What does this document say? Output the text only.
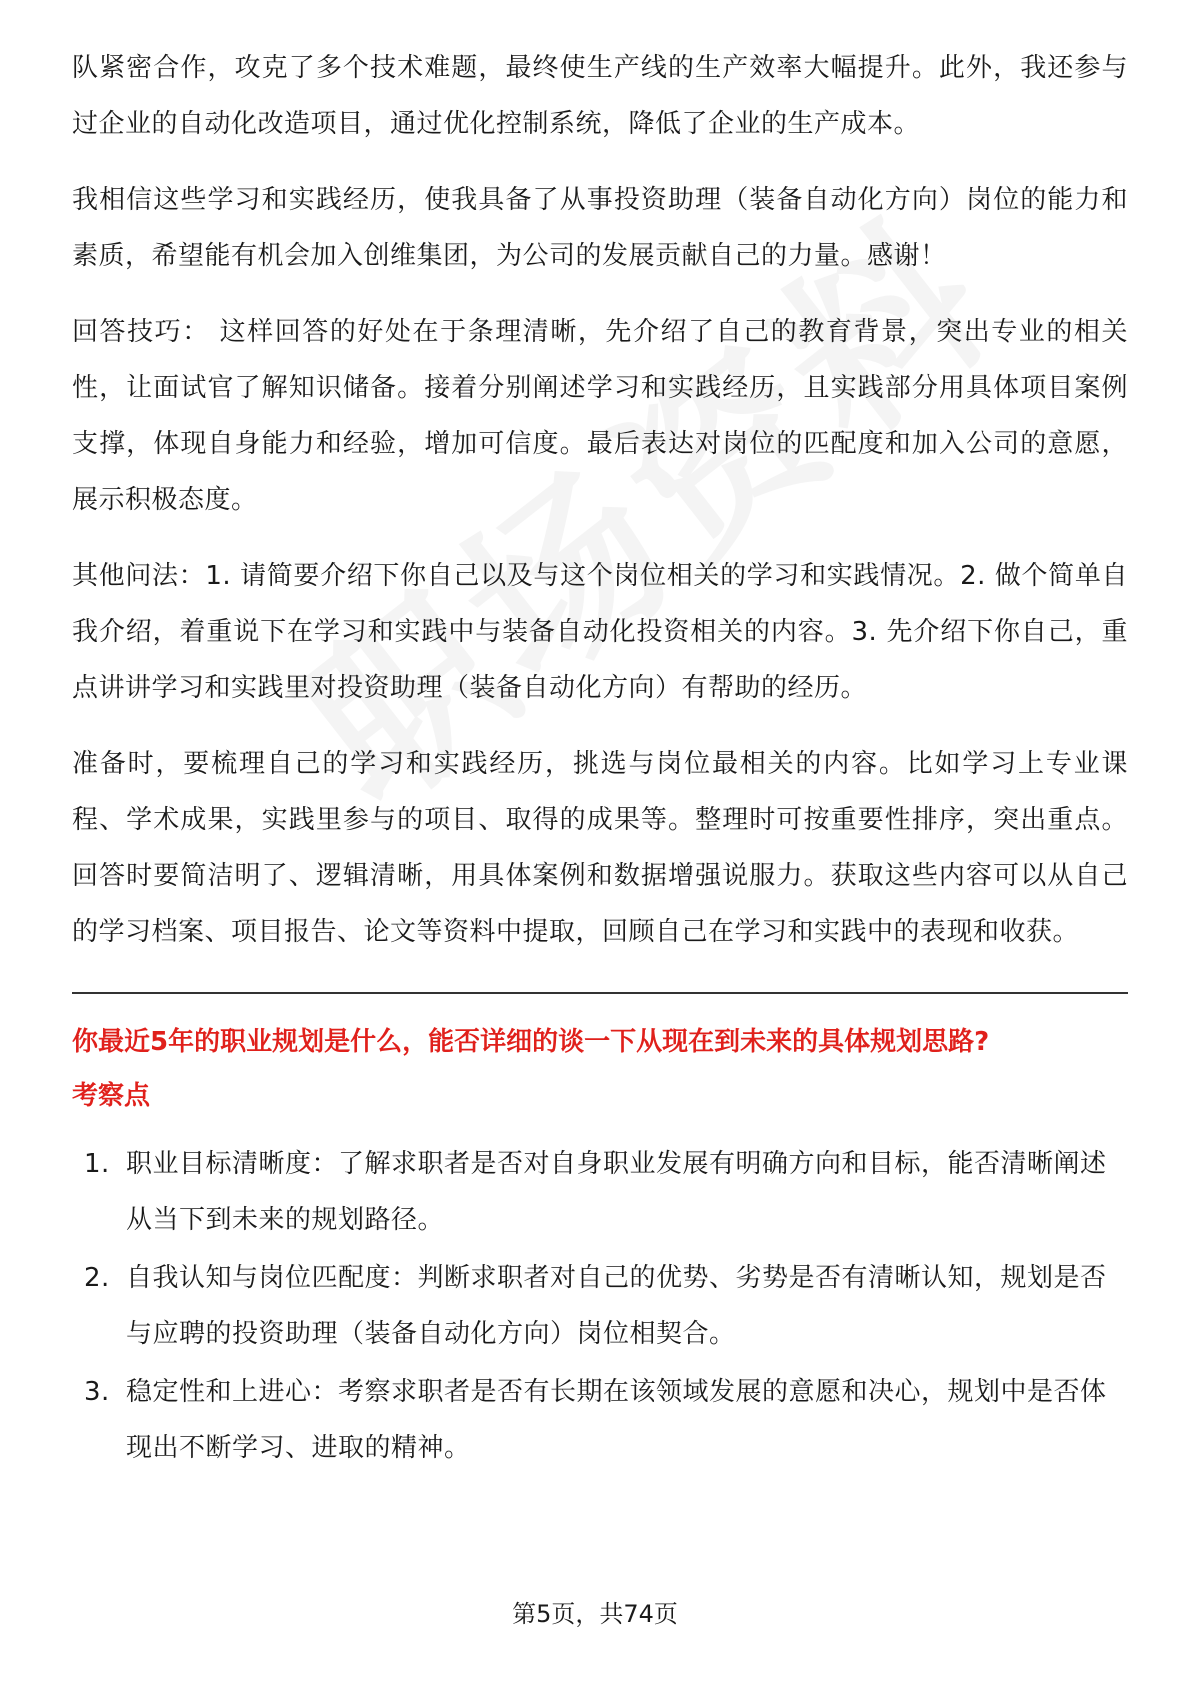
队紧密合作，攻克了多个技术难题，最终使生产线的生产效率大幅提升。此外，我还参与过企业的自动化改造项目，通过优化控制系统，降低了企业的生产成本。

我相信这些学习和实践经历，使我具备了从事投资助理（装备自动化方向）岗位的能力和素质，希望能有机会加入创维集团，为公司的发展贡献自己的力量。感谢！

回答技巧： 这样回答的好处在于条理清晰，先介绍了自己的教育背景，突出专业的相关性，让面试官了解知识储备。接着分别阐述学习和实践经历，且实践部分用具体项目案例支撑，体现自身能力和经验，增加可信度。最后表达对岗位的匹配度和加入公司的意愿，展示积极态度。

其他问法：1. 请简要介绍下你自己以及与这个岗位相关的学习和实践情况。2. 做个简单自我介绍，着重说下在学习和实践中与装备自动化投资相关的内容。3. 先介绍下你自己，重点讲讲学习和实践里对投资助理（装备自动化方向）有帮助的经历。

准备时，要梳理自己的学习和实践经历，挑选与岗位最相关的内容。比如学习上专业课程、学术成果，实践里参与的项目、取得的成果等。整理时可按重要性排序，突出重点。回答时要简洁明了、逻辑清晰，用具体案例和数据增强说服力。获取这些内容可以从自己的学习档案、项目报告、论文等资料中提取，回顾自己在学习和实践中的表现和收获。

你最近5年的职业规划是什么，能否详细的谈一下从现在到未来的具体规划思路?
考察点
1. 职业目标清晰度：了解求职者是否对自身职业发展有明确方向和目标，能否清晰阐述从当下到未来的规划路径。
2. 自我认知与岗位匹配度：判断求职者对自己的优势、劣势是否有清晰认知，规划是否与应聘的投资助理（装备自动化方向）岗位相契合。
3. 稳定性和上进心：考察求职者是否有长期在该领域发展的意愿和决心，规划中是否体现出不断学习、进取的精神。
第5页，共74页
